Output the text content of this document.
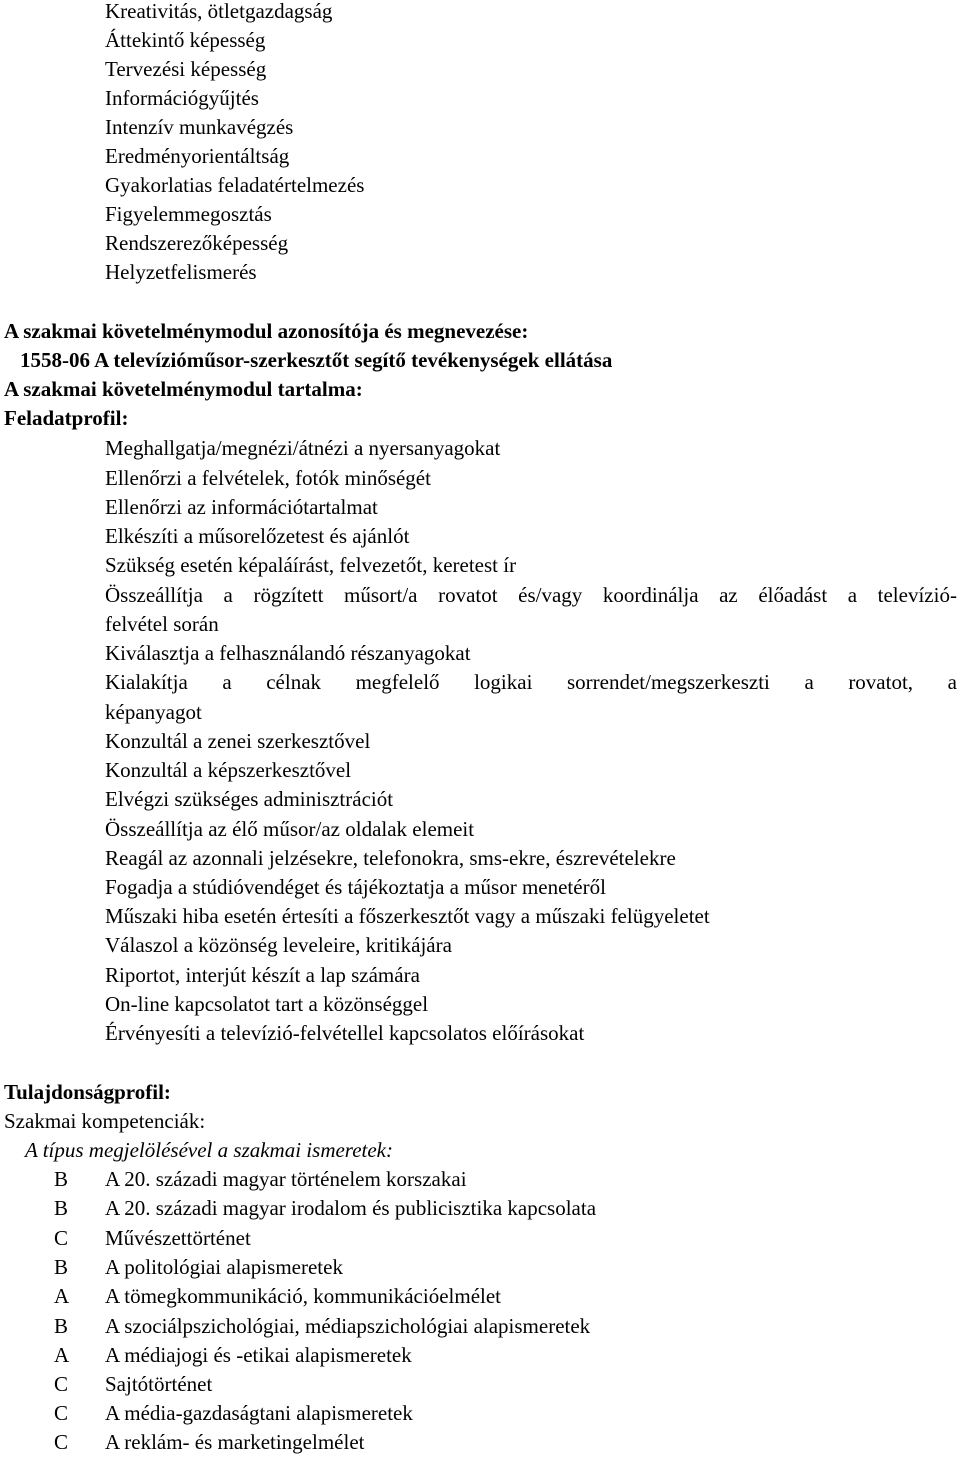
Kreativitás, ötletgazdagság
Áttekintő képesség
Tervezési képesség
Információgyűjtés
Intenzív munkavégzés
Eredményorientáltság
Gyakorlatias feladatértelmezés
Figyelemmegosztás
Rendszerezőképesség
Helyzetfelismerés
A szakmai követelménymodul azonosítója és megnevezése:
1558-06 A televízióműsor-szerkesztőt segítő tevékenységek ellátása
A szakmai követelménymodul tartalma:
Feladatprofil:
Meghallgatja/megnézi/átnézi a nyersanyagokat
Ellenőrzi a felvételek, fotók minőségét
Ellenőrzi az információtartalmat
Elkészíti a műsorelőzetest és ajánlót
Szükség esetén képaláírást, felvezetőt, keretest ír
Összeállítja a rögzített műsort/a rovatot és/vagy koordinálja az élőadást a televízió-
felvétel során
Kiválasztja a felhasználandó részanyagokat
Kialakítja a célnak megfelelő logikai sorrendet/megszerkeszti a rovatot, a
képanyagot
Konzultál a zenei szerkesztővel
Konzultál a képszerkesztővel
Elvégzi szükséges adminisztrációt
Összeállítja az élő műsor/az oldalak elemeit
Reagál az azonnali jelzésekre, telefonokra, sms-ekre, észrevételekre
Fogadja a stúdióvendéget és tájékoztatja a műsor menetéről
Műszaki hiba esetén értesíti a főszerkesztőt vagy a műszaki felügyeletet
Válaszol a közönség leveleire, kritikájára
Riportot, interjút készít a lap számára
On-line kapcsolatot tart a közönséggel
Érvényesíti a televízió-felvétellel kapcsolatos előírásokat
Tulajdonságprofil:
Szakmai kompetenciák:
A típus megjelölésével a szakmai ismeretek:
B A 20. századi magyar történelem korszakai
B A 20. századi magyar irodalom és publicisztika kapcsolata
C Művészettörténet
B A politológiai alapismeretek
A A tömegkommunikáció, kommunikációelmélet
B A szociálpszichológiai, médiapszichológiai alapismeretek
A A médiajogi és -etikai alapismeretek
C Sajtótörténet
C A média-gazdaságtani alapismeretek
C A reklám- és marketingelmélet
